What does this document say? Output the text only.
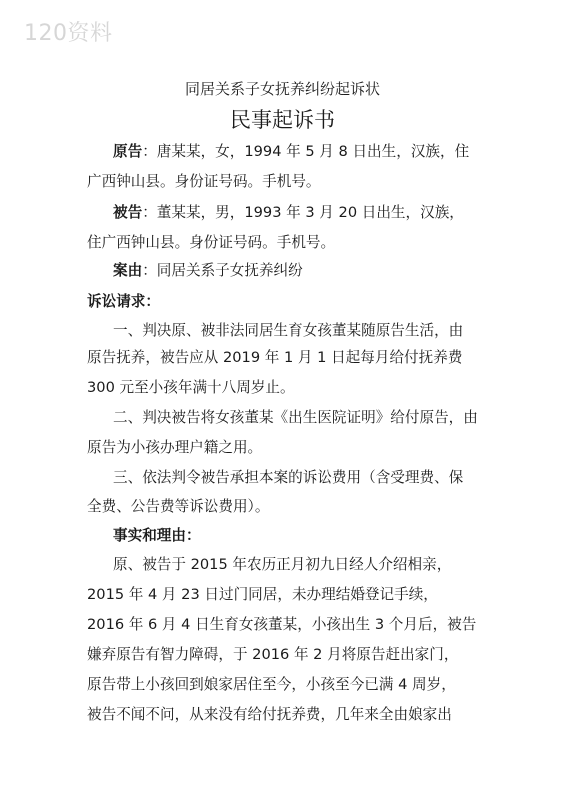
120资料
同居关系子女抚养纠纷起诉状
民事起诉书
原告：唐某某，女，1994 年 5 月 8 日出生，汉族，住
广西钟山县。身份证号码。手机号。
被告：董某某，男，1993 年 3 月 20 日出生，汉族，
住广西钟山县。身份证号码。手机号。
案由：同居关系子女抚养纠纷
诉讼请求：
一、判决原、被非法同居生育女孩董某随原告生活，由
原告抚养，被告应从 2019 年 1 月 1 日起每月给付抚养费
300 元至小孩年满十八周岁止。
二、判决被告将女孩董某《出生医院证明》给付原告，由
原告为小孩办理户籍之用。
三、依法判令被告承担本案的诉讼费用（含受理费、保
全费、公告费等诉讼费用）。
事实和理由：
原、被告于 2015 年农历正月初九日经人介绍相亲，
2015 年 4 月 23 日过门同居，未办理结婚登记手续，
2016 年 6 月 4 日生育女孩董某，小孩出生 3 个月后，被告
嫌弃原告有智力障碍，于 2016 年 2 月将原告赶出家门，
原告带上小孩回到娘家居住至今，小孩至今已满 4 周岁，
被告不闻不问，从来没有给付抚养费，几年来全由娘家出
